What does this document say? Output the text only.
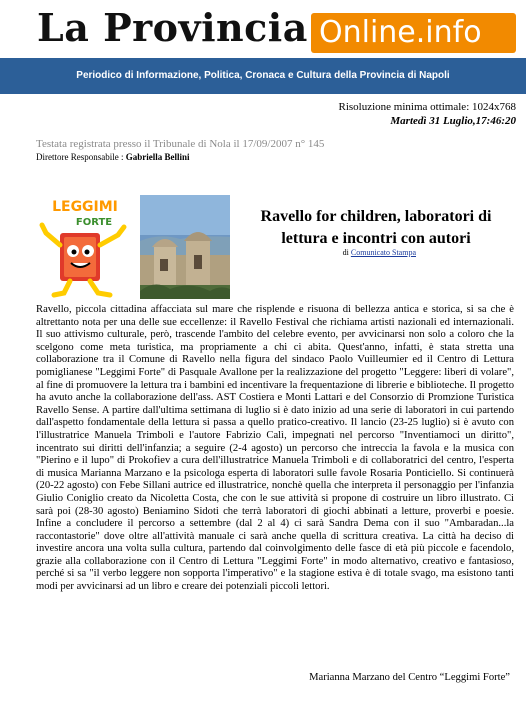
La Provincia Online.info
Periodico di Informazione, Politica, Cronaca e Cultura della Provincia di Napoli
Risoluzione minima ottimale: 1024x768
Martedì 31 Luglio,17:46:20
Testata registrata presso il Tribunale di Nola il 17/09/2007 n° 145
Direttore Responsabile : Gabriella Bellini
LEGGIMI
FORTE	Ravello for children, laboratori di lettura e incontri con autori
di Comunicato Stampa
Ravello, piccola cittadina affacciata sul mare che risplende e risuona di bellezza antica e storica, si sa che è altrettanto nota per una delle sue eccellenze: il Ravello Festival che richiama artisti nazionali ed internazionali. Il suo attivismo culturale, però, trascende l'ambito del celebre evento, per avvicinarsi non solo a coloro che la scelgono come meta turistica, ma propriamente a chi ci abita. Quest'anno, infatti, è stata stretta una collaborazione tra il Comune di Ravello nella figura del sindaco Paolo Vuilleumier ed il Centro di Lettura pomiglianese "Leggimi Forte" di Pasquale Avallone per la realizzazione del progetto "Leggere: liberi di volare", al fine di promuovere la lettura tra i bambini ed incentivare la frequentazione di librerie e biblioteche. Il progetto ha avuto anche la collaborazione dell'ass. AST Costiera e Monti Lattari e del Consorzio di Promzione Turistica Ravello Sense. A partire dall'ultima settimana di luglio si è dato inizio ad una serie di laboratori in cui partendo dall'aspetto fondamentale della lettura si passa a quello pratico-creativo. Il lancio (23-25 luglio) si è avuto con l'illustratrice Manuela Trimboli e l'autore Fabrizio Calì, impegnati nel percorso "Inventiamoci un diritto", incentrato sui diritti dell'infanzia; a seguire (2-4 agosto) un percorso che intreccia la favola e la musica con "Pierino e il lupo" di Prokofiev a cura dell'illustratrice Manuela Trimboli e di collaboratrici del centro, l'esperta di musica Marianna Marzano e la psicologa esperta di laboratori sulle favole Rosaria Ponticiello. Si continuerà (20-22 agosto) con Febe Sillani autrice ed illustratrice, nonchè quella che interpreta il personaggio per l'infanzia Giulio Coniglio creato da Nicoletta Costa, che con le sue attività si propone di costruire un libro illustrato. Ci sarà poi (28-30 agosto) Beniamino Sidoti che terrà laboratori di giochi abbinati a letture, proverbi e poesie. Infine a concludere il percorso a settembre (dal 2 al 4) ci sarà Sandra Dema con il suo "Ambaradan...la raccontastorie" dove oltre all'attività manuale ci sarà anche quella di scrittura creativa. La città ha deciso di investire ancora una volta sulla cultura, partendo dal coinvolgimento delle fasce di età più piccole e facendolo, grazie alla collaborazione con il Centro di Lettura "Leggimi Forte" in modo alternativo, creativo e fantasioso, perché si sa "il verbo leggere non sopporta l'imperativo" e la stagione estiva è di totale svago, ma esistono tanti modi per avvicinarsi ad un libro e creare dei potenziali piccoli lettori.
Marianna Marzano del Centro “Leggimi Forte”
